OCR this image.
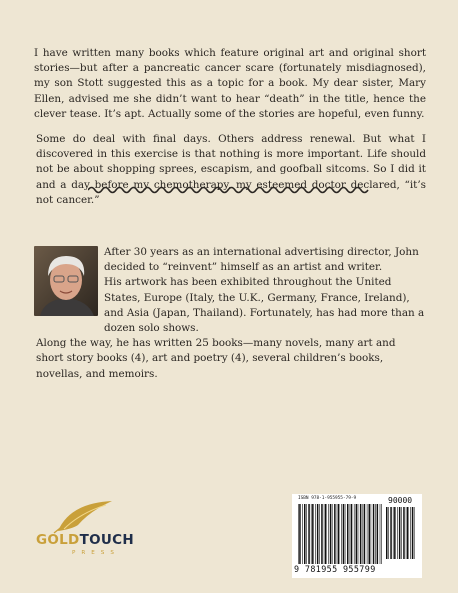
I have written many books which feature original art and original short stories—but after a pancreatic cancer scare (fortunately misdiagnosed), my son Stott suggested this as a topic for a book. My dear sister, Mary Ellen, advised me she didn’t want to hear “death” in the title, hence the clever tease. It’s apt. Actually some of the stories are hopeful, even funny.

Some do deal with final days. Others address renewal. But what I discovered in this exercise is that nothing is more important. Life should not be about shopping sprees, escapism, and goofball sitcoms. So I did it and a day before my chemotherapy, my esteemed doctor declared, “it’s not cancer.”

After 30 years as an international advertising director, John
decided to “reinvent” himself as an artist and writer.
His artwork has been exhibited throughout the United States, Europe (Italy, the U.K., Germany, France, Ireland), and Asia (Japan, Thailand). Fortunately, has had more than a dozen solo shows.
Along the way, he has written 25 books—many novels, many art and short story books (4), art and poetry (4), several children’s books, novellas, and memoirs.
GOLDTOUCH
PRESS
ISBN 978-1-955955-79-9	90000
9 781955 955799
